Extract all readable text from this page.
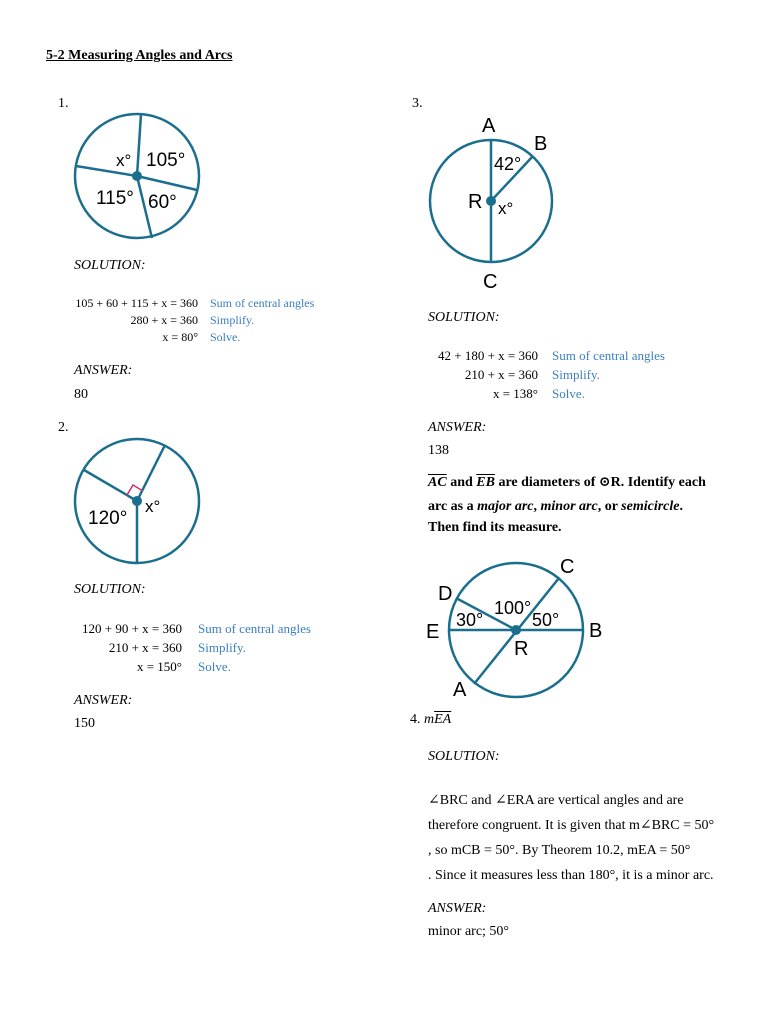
5-2 Measuring Angles and Arcs
1.
x° 105°
115° 60°
SOLUTION:
105 + 60 + 115 + x = 360 Sum of central angles
280 + x = 360 Simplify.
x = 80° Solve.
ANSWER:
80
2.
120°
x°
SOLUTION:
120 + 90 + x = 360 Sum of central angles
210 + x = 360 Simplify.
x = 150° Solve.
ANSWER:
150
3.
A
B
R
C
42°
x°
SOLUTION:
42 + 180 + x = 360 Sum of central angles
210 + x = 360 Simplify.
x = 138° Solve.
ANSWER:
138
$\overline{AC}$ and $\overline{EB}$ are diameters of ⊙R. Identify each
arc as a major arc, minor arc, or semicircle.
Then find its measure.
C
D
E	B
R
A
30°
100°
50°
4. $m\overline{EA}$
SOLUTION:
∠BRC and ∠ERA are vertical angles and are
therefore congruent. It is given that m∠BRC = 50°
, so mCB = 50°. By Theorem 10.2, mEA = 50°
. Since it measures less than 180°, it is a minor arc.
ANSWER:
minor arc; 50°
